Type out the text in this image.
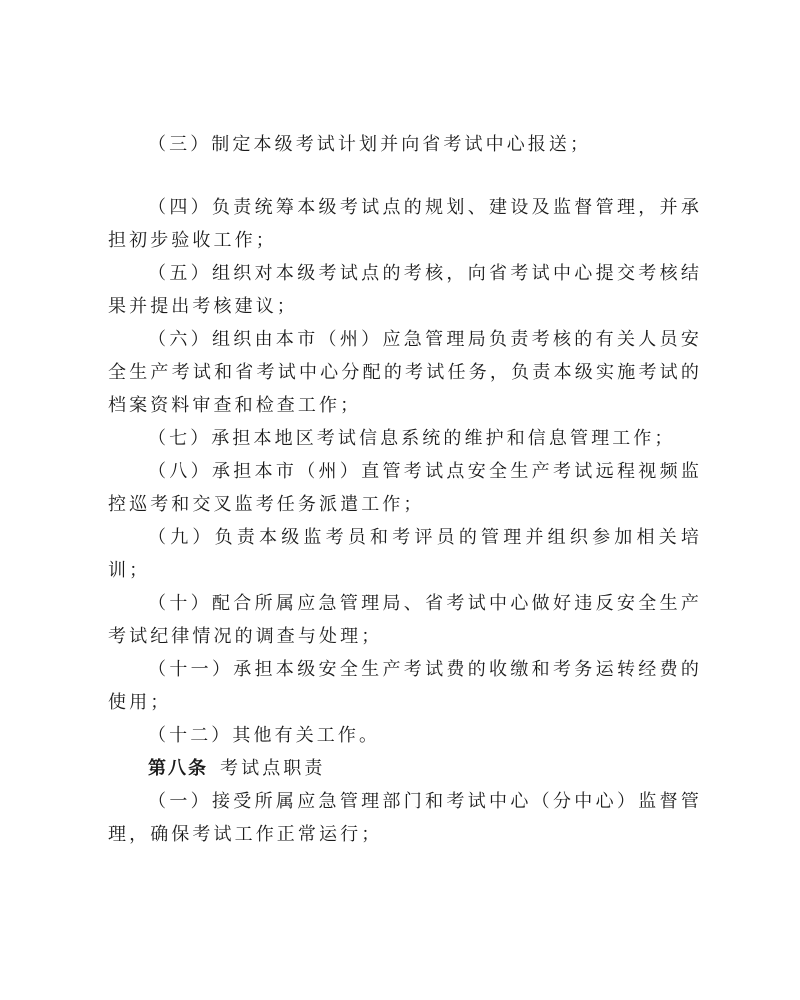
（三）制定本级考试计划并向省考试中心报送；

（四）负责统筹本级考试点的规划、建设及监督管理，并承担初步验收工作；

（五）组织对本级考试点的考核，向省考试中心提交考核结果并提出考核建议；

（六）组织由本市（州）应急管理局负责考核的有关人员安全生产考试和省考试中心分配的考试任务，负责本级实施考试的档案资料审查和检查工作；

（七）承担本地区考试信息系统的维护和信息管理工作；

（八）承担本市（州）直管考试点安全生产考试远程视频监控巡考和交叉监考任务派遣工作；

（九）负责本级监考员和考评员的管理并组织参加相关培训；

（十）配合所属应急管理局、省考试中心做好违反安全生产考试纪律情况的调查与处理；

（十一）承担本级安全生产考试费的收缴和考务运转经费的使用；

（十二）其他有关工作。

第八条 考试点职责

（一）接受所属应急管理部门和考试中心（分中心）监督管理，确保考试工作正常运行；
